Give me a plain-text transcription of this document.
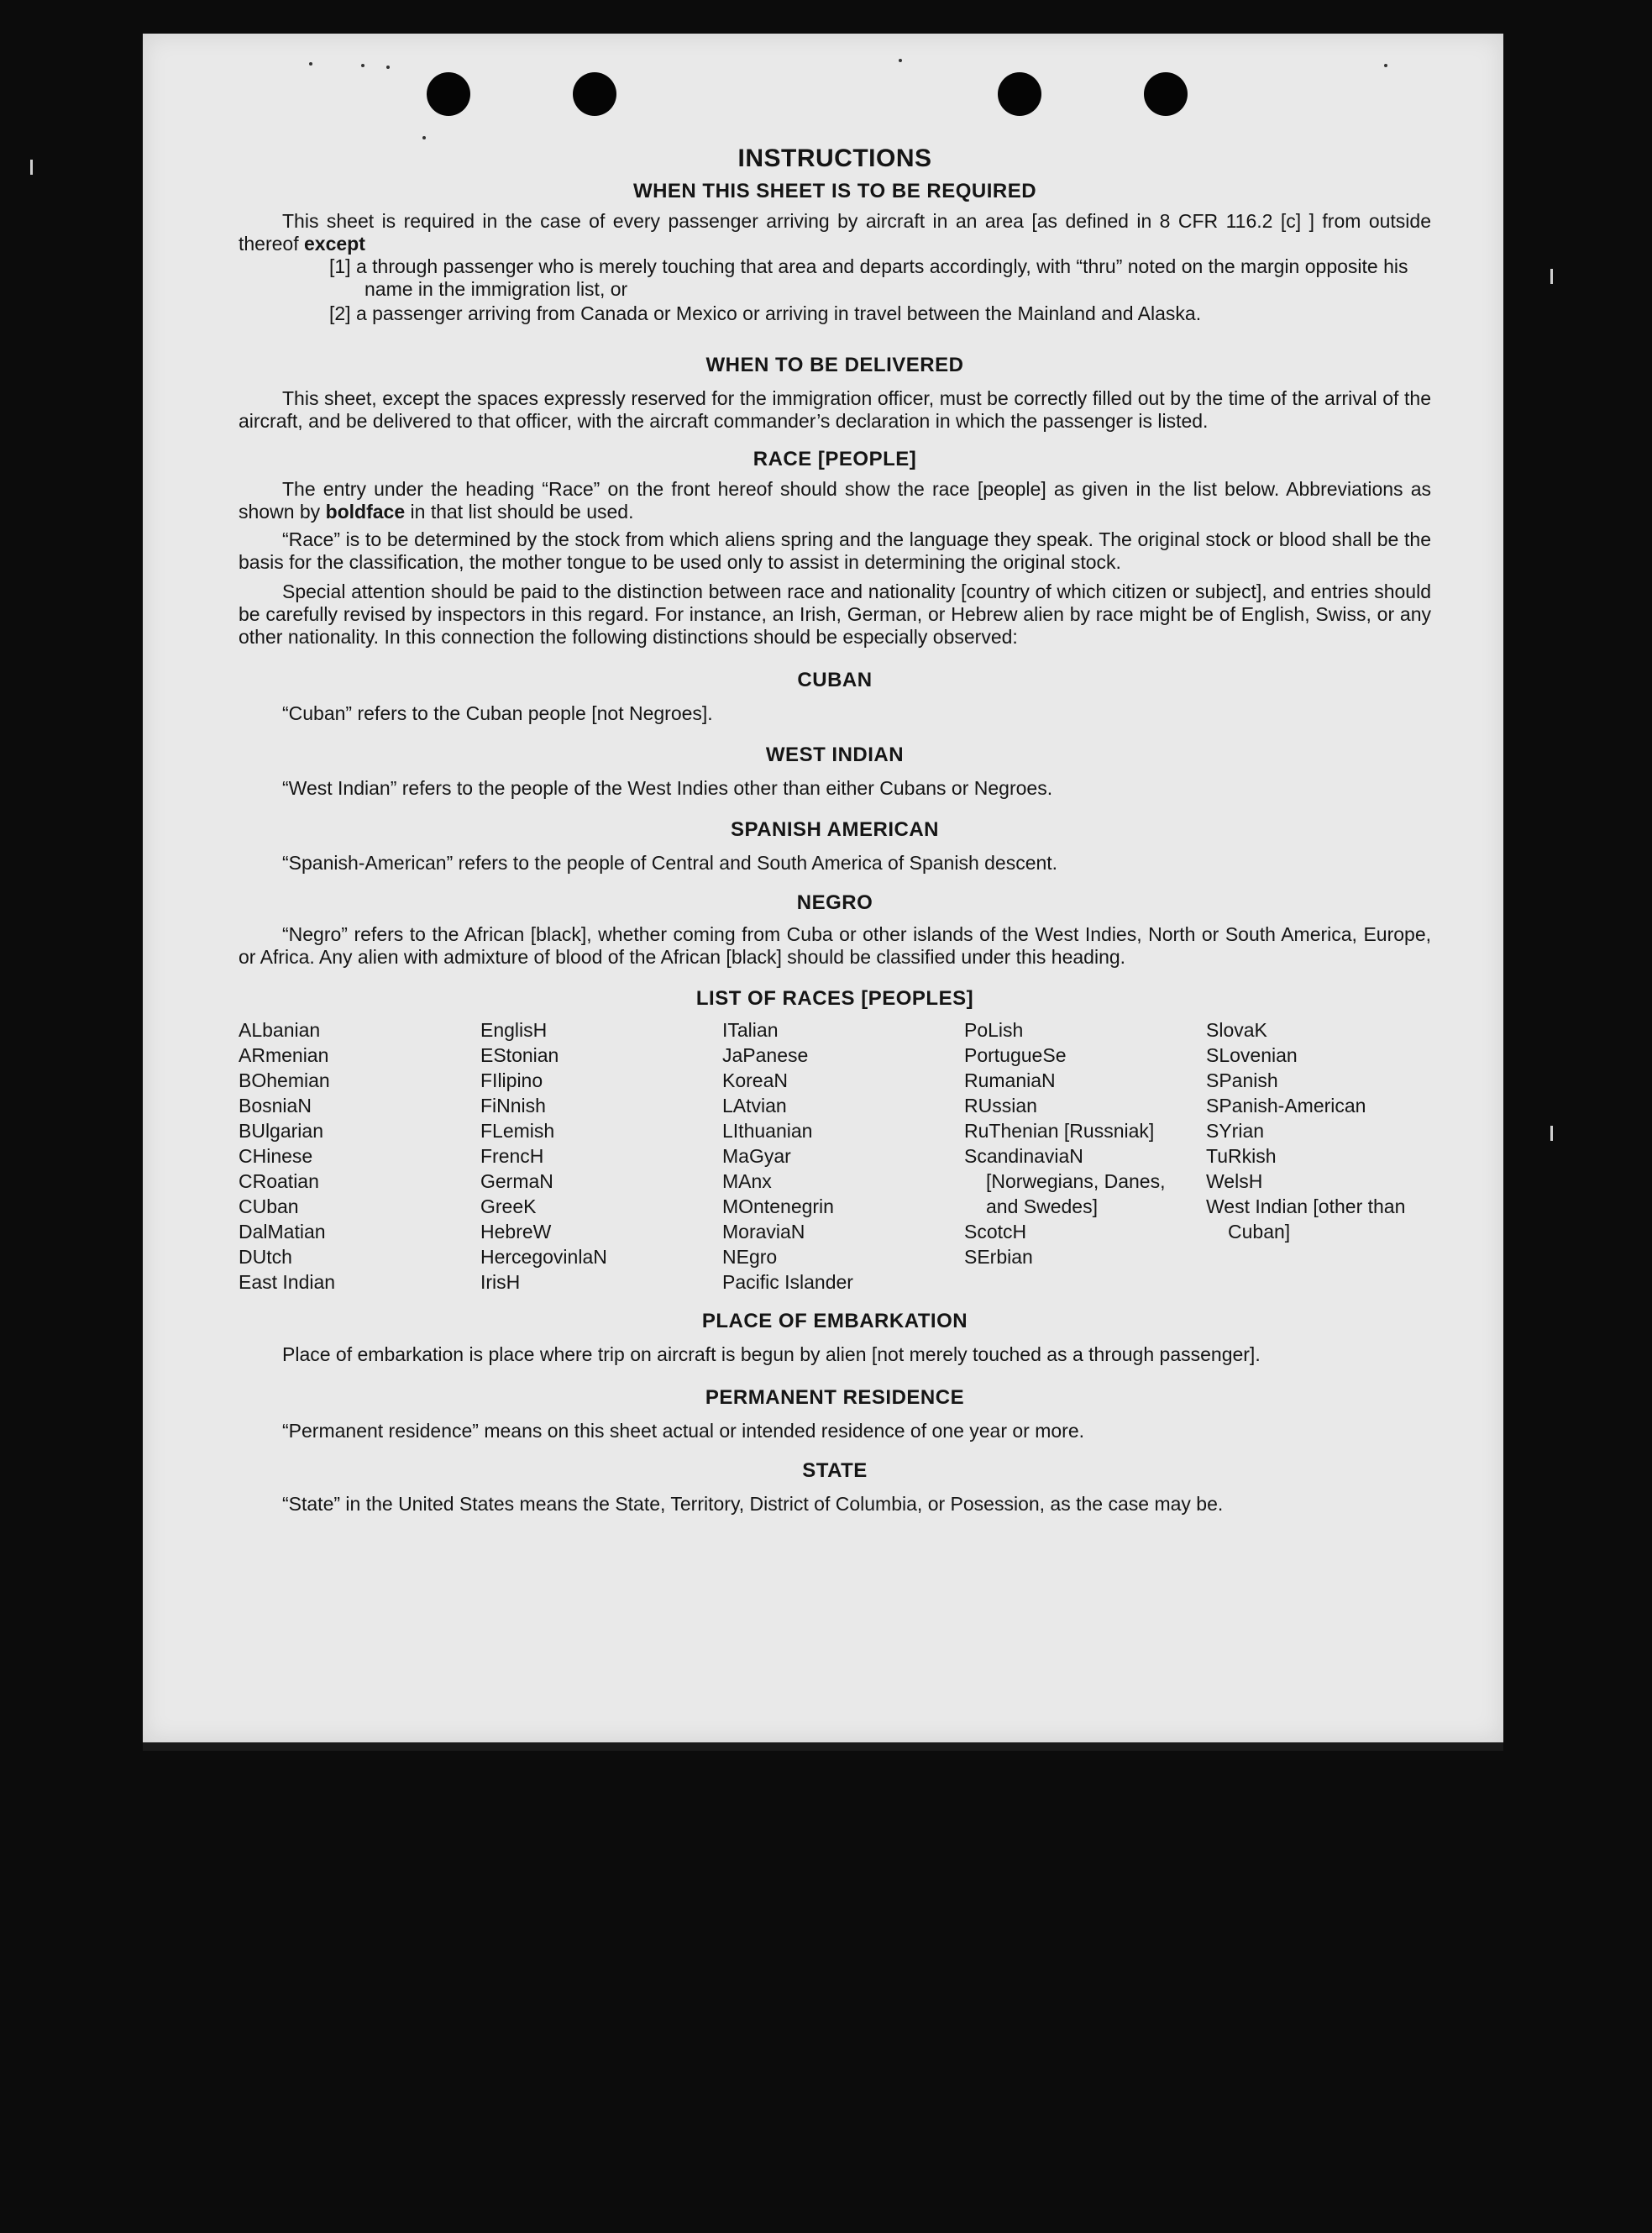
INSTRUCTIONS
WHEN THIS SHEET IS TO BE REQUIRED

This sheet is required in the case of every passenger arriving by aircraft in an area [as defined in 8 CFR 116.2 [c] ] from outside thereof except

[1] a through passenger who is merely touching that area and departs accordingly, with “thru” noted on the margin opposite his name in the immigration list, or

[2] a passenger arriving from Canada or Mexico or arriving in travel between the Mainland and Alaska.

WHEN TO BE DELIVERED

This sheet, except the spaces expressly reserved for the immigration officer, must be correctly filled out by the time of the arrival of the aircraft, and be delivered to that officer, with the aircraft commander’s declaration in which the passenger is listed.

RACE [PEOPLE]

The entry under the heading “Race” on the front hereof should show the race [people] as given in the list below. Abbreviations as shown by boldface in that list should be used.

“Race” is to be determined by the stock from which aliens spring and the language they speak. The original stock or blood shall be the basis for the classification, the mother tongue to be used only to assist in determining the original stock.

Special attention should be paid to the distinction between race and nationality [country of which citizen or subject], and entries should be carefully revised by inspectors in this regard. For instance, an Irish, German, or Hebrew alien by race might be of English, Swiss, or any other nationality. In this connection the following distinctions should be especially observed:

CUBAN

“Cuban” refers to the Cuban people [not Negroes].

WEST INDIAN

“West Indian” refers to the people of the West Indies other than either Cubans or Negroes.

SPANISH AMERICAN

“Spanish-American” refers to the people of Central and South America of Spanish descent.

NEGRO

“Negro” refers to the African [black], whether coming from Cuba or other islands of the West Indies, North or South America, Europe, or Africa. Any alien with admixture of blood of the African [black] should be classified under this heading.

LIST OF RACES [PEOPLES]

ALbanian

ARmenian

BOhemian

BosniaN

BUlgarian

CHinese

CRoatian

CUban

DalMatian

DUtch

East Indian

EnglisH

EStonian

FIlipino

FiNnish

FLemish

FrencH

GermaN

GreeK

HebreW

HercegovinlaN

IrisH

ITalian

JaPanese

KoreaN

LAtvian

LIthuanian

MaGyar

MAnx

MOntenegrin

MoraviaN

NEgro

Pacific Islander

PoLish

PortugueSe

RumaniaN

RUssian

RuThenian [Russniak]

ScandinaviaN [Norwegians, Danes, and Swedes]

ScotcH

SErbian

SlovaK

SLovenian

SPanish

SPanish-American

SYrian

TuRkish

WelsH

West Indian [other than Cuban]

PLACE OF EMBARKATION

Place of embarkation is place where trip on aircraft is begun by alien [not merely touched as a through passenger].

PERMANENT RESIDENCE

“Permanent residence” means on this sheet actual or intended residence of one year or more.

STATE

“State” in the United States means the State, Territory, District of Columbia, or Posession, as the case may be.
